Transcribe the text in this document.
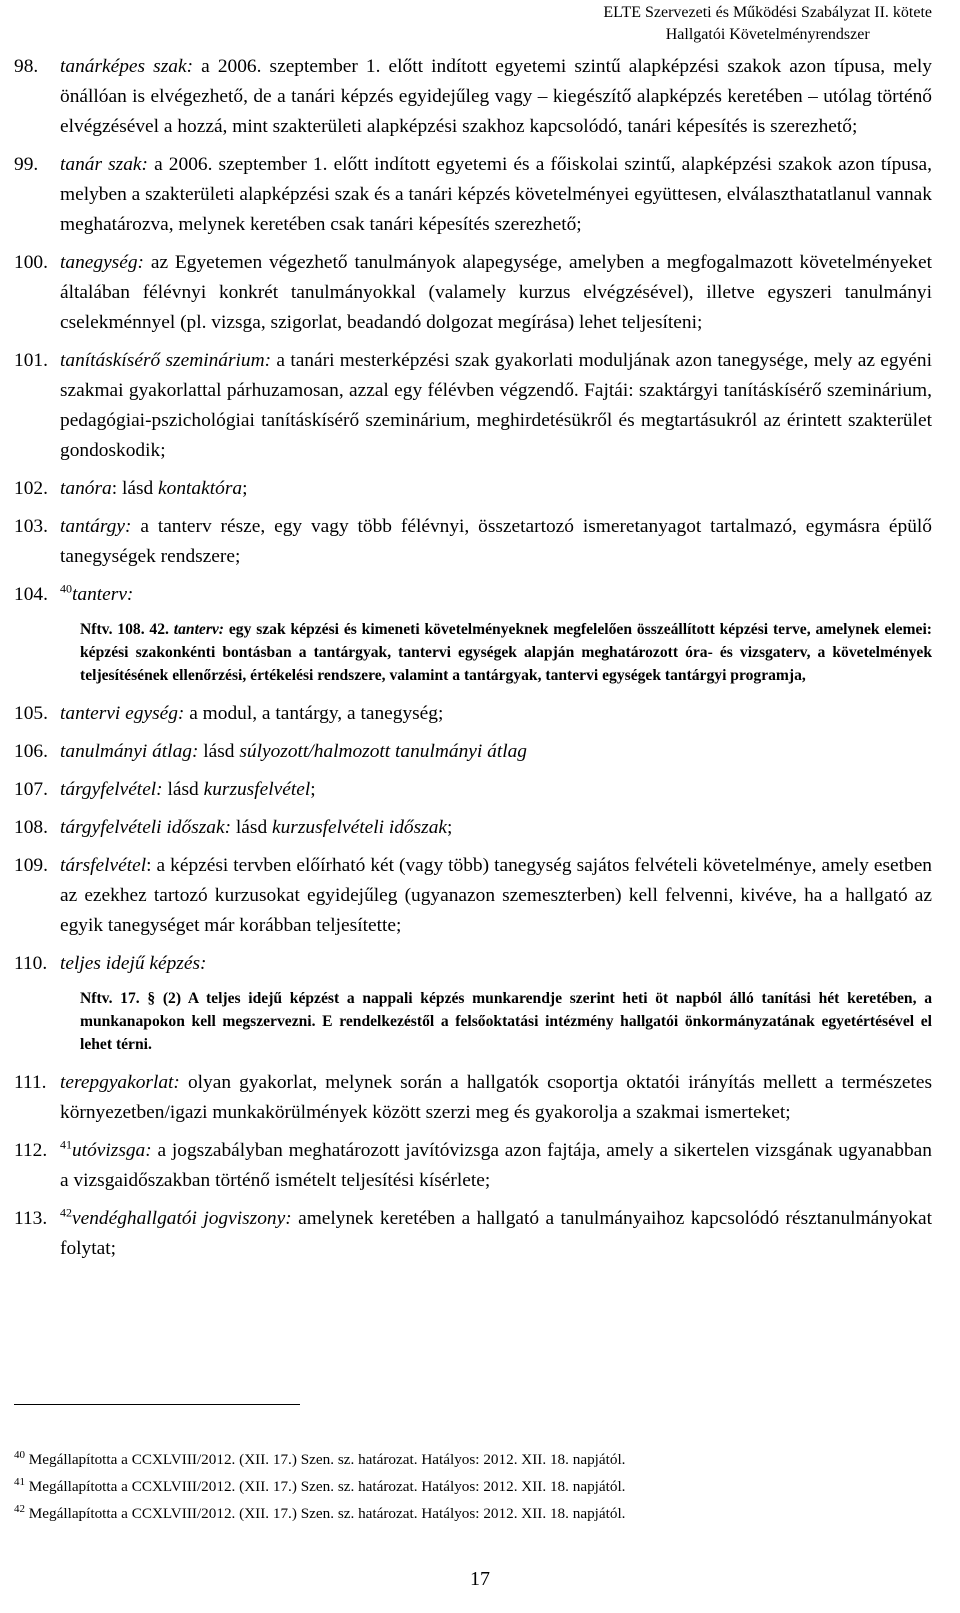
ELTE Szervezeti és Működési Szabályzat II. kötete
Hallgatói Követelményrendszer
98. tanárképes szak: a 2006. szeptember 1. előtt indított egyetemi szintű alapképzési szakok azon típusa, mely önállóan is elvégezhető, de a tanári képzés egyidejűleg vagy – kiegészítő alapképzés keretében – utólag történő elvégzésével a hozzá, mint szakterületi alapképzési szakhoz kapcsolódó, tanári képesítés is szerezhető;
99. tanár szak: a 2006. szeptember 1. előtt indított egyetemi és a főiskolai szintű, alapképzési szakok azon típusa, melyben a szakterületi alapképzési szak és a tanári képzés követelményei együttesen, elválaszthatatlanul vannak meghatározva, melynek keretében csak tanári képesítés szerezhető;
100. tanegység: az Egyetemen végezhető tanulmányok alapegysége, amelyben a megfogalmazott követelményeket általában félévnyi konkrét tanulmányokkal (valamely kurzus elvégzésével), illetve egyszeri tanulmányi cselekménnyel (pl. vizsga, szigorlat, beadandó dolgozat megírása) lehet teljesíteni;
101. tanításkísérő szeminárium: a tanári mesterképzési szak gyakorlati moduljának azon tanegysége, mely az egyéni szakmai gyakorlattal párhuzamosan, azzal egy félévben végzendő. Fajtái: szaktárgyi tanításkísérő szeminárium, pedagógiai-pszichológiai tanításkísérő szeminárium, meghirdetésükről és megtartásukról az érintett szakterület gondoskodik;
102. tanóra: lásd kontaktóra;
103. tantárgy: a tanterv része, egy vagy több félévnyi, összetartozó ismeretanyagot tartalmazó, egymásra épülő tanegységek rendszere;
104. $^{40}$tanterv:
Nftv. 108. 42. tanterv: egy szak képzési és kimeneti követelményeknek megfelelően összeállított képzési terve, amelynek elemei: képzési szakonkénti bontásban a tantárgyak, tantervi egységek alapján meghatározott óra- és vizsgaterv, a követelmények teljesítésének ellenőrzési, értékelési rendszere, valamint a tantárgyak, tantervi egységek tantárgyi programja,
105. tantervi egység: a modul, a tantárgy, a tanegység;
106. tanulmányi átlag: lásd súlyozott/halmozott tanulmányi átlag
107. tárgyfelvétel: lásd kurzusfelvétel;
108. tárgyfelvételi időszak: lásd kurzusfelvételi időszak;
109. társfelvétel: a képzési tervben előírható két (vagy több) tanegység sajátos felvételi követelménye, amely esetben az ezekhez tartozó kurzusokat egyidejűleg (ugyanazon szemeszterben) kell felvenni, kivéve, ha a hallgató az egyik tanegységet már korábban teljesítette;
110. teljes idejű képzés:
Nftv. 17. § (2) A teljes idejű képzést a nappali képzés munkarendje szerint heti öt napból álló tanítási hét keretében, a munkanapokon kell megszervezni. E rendelkezéstől a felsőoktatási intézmény hallgatói önkormányzatának egyetértésével el lehet térni.
111. terepgyakorlat: olyan gyakorlat, melynek során a hallgatók csoportja oktatói irányítás mellett a természetes környezetben/igazi munkakörülmények között szerzi meg és gyakorolja a szakmai ismerteket;
112. $^{41}$utóvizsga: a jogszabályban meghatározott javítóvizsga azon fajtája, amely a sikertelen vizsgának ugyanabban a vizsgaidőszakban történő ismételt teljesítési kísérlete;
113. $^{42}$vendéghallgatói jogviszony: amelynek keretében a hallgató a tanulmányaihoz kapcsolódó résztanulmányokat folytat;
$^{40}$ Megállapította a CCXLVIII/2012. (XII. 17.) Szen. sz. határozat. Hatályos: 2012. XII. 18. napjától.
$^{41}$ Megállapította a CCXLVIII/2012. (XII. 17.) Szen. sz. határozat. Hatályos: 2012. XII. 18. napjától.
$^{42}$ Megállapította a CCXLVIII/2012. (XII. 17.) Szen. sz. határozat. Hatályos: 2012. XII. 18. napjától.
17
